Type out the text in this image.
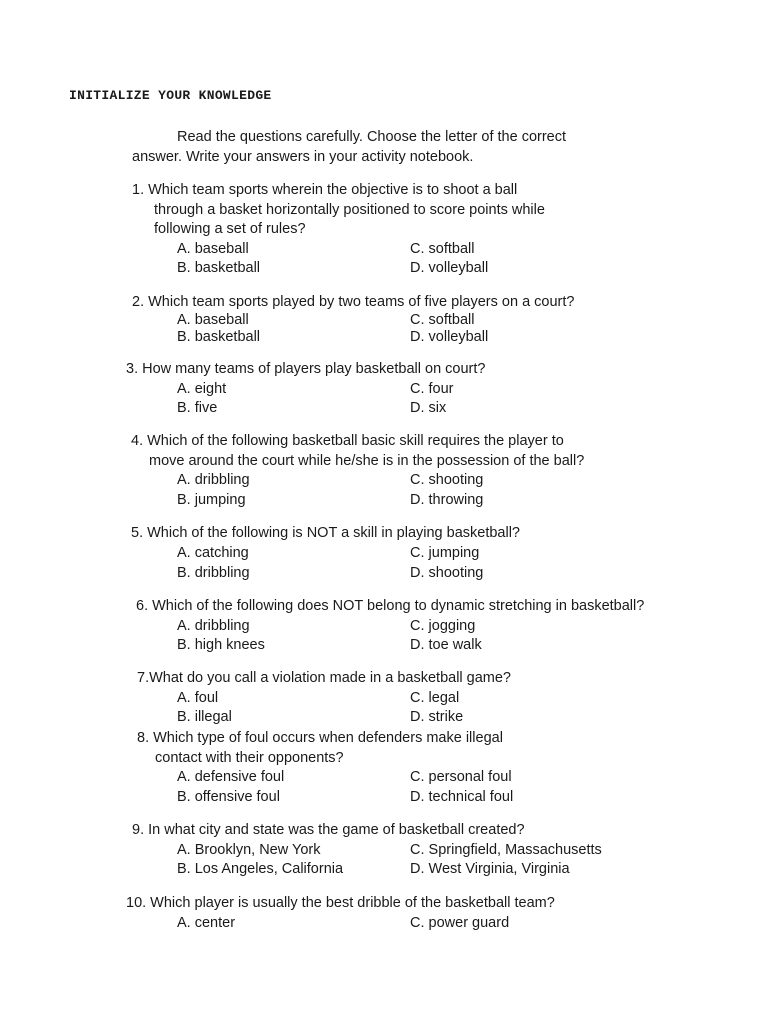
INITIALIZE YOUR KNOWLEDGE
Read the questions carefully. Choose the letter of the correct
answer. Write your answers in your activity notebook.
1. Which team sports wherein the objective is to shoot a ball
through a basket horizontally positioned to score points while
following a set of rules?
A. baseball	C. softball
B. basketball	D. volleyball
2. Which team sports played by two teams of five players on a court?
A. baseball	C. softball
B. basketball	D. volleyball
3. How many teams of players play basketball on court?
A. eight	C. four
B. five	D. six
4. Which of the following basketball basic skill requires the player to
move around the court while he/she is in the possession of the ball?
A. dribbling	C. shooting
B. jumping	D. throwing
5. Which of the following is NOT a skill in playing basketball?
A. catching	C. jumping
B. dribbling	D. shooting
6. Which of the following does NOT belong to dynamic stretching in basketball?
A. dribbling	C. jogging
B. high knees	D. toe walk
7.What do you call a violation made in a basketball game?
A. foul	C. legal
B. illegal	D. strike
8. Which type of foul occurs when defenders make illegal
contact with their opponents?
A. defensive foul	C. personal foul
B. offensive foul	D. technical foul
9. In what city and state was the game of basketball created?
A. Brooklyn, New York	C. Springfield, Massachusetts
B. Los Angeles, California	D. West Virginia, Virginia
10. Which player is usually the best dribble of the basketball team?
A. center	C. power guard
